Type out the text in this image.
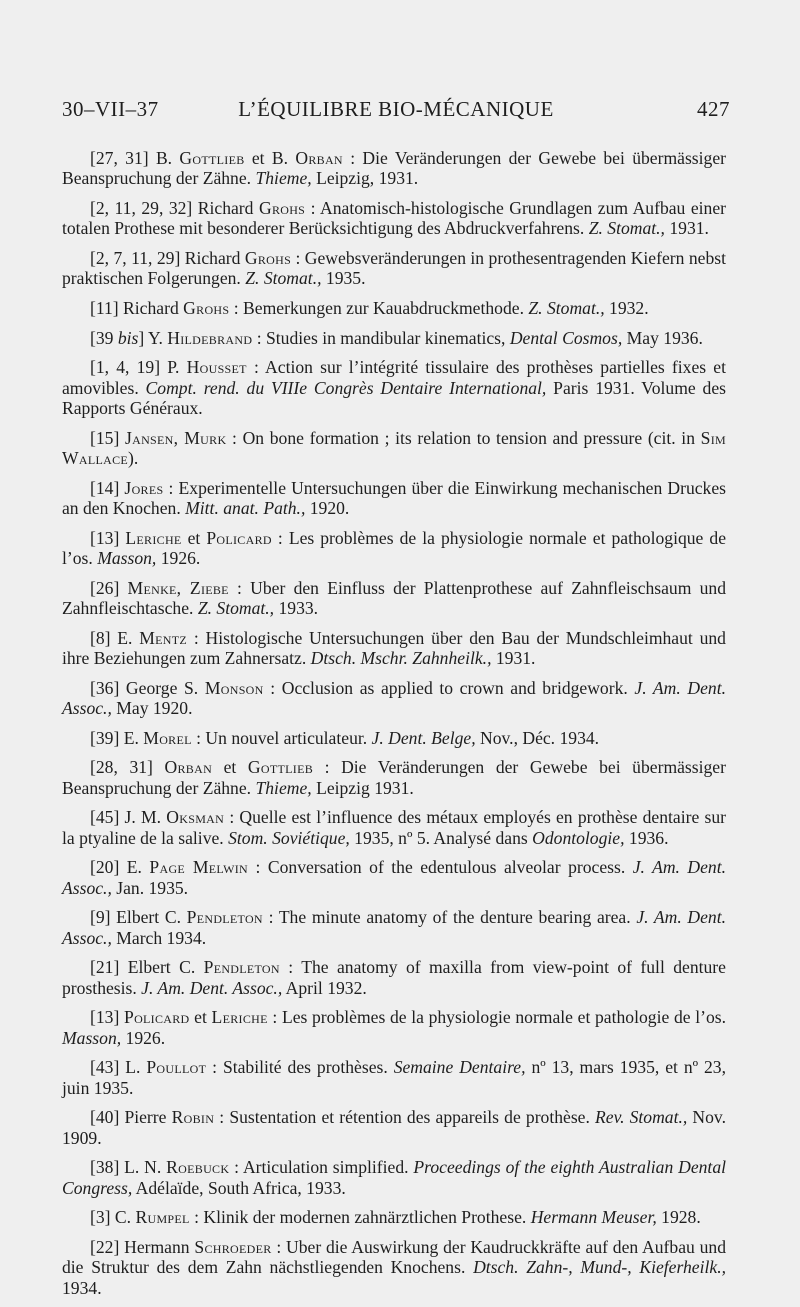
30–VII–37	L’ÉQUILIBRE BIO-MÉCANIQUE	427

[27, 31] B. Gottlieb et B. Orban : Die Veränderungen der Gewebe bei übermässiger Beanspruchung der Zähne. Thieme, Leipzig, 1931.

[2, 11, 29, 32] Richard Grohs : Anatomisch-histologische Grundlagen zum Aufbau einer totalen Prothese mit besonderer Berücksichtigung des Abdruckverfahrens. Z. Stomat., 1931.

[2, 7, 11, 29] Richard Grohs : Gewebsveränderungen in prothesentragenden Kiefern nebst praktischen Folgerungen. Z. Stomat., 1935.

[11] Richard Grohs : Bemerkungen zur Kauabdruckmethode. Z. Stomat., 1932.

[39 bis] Y. Hildebrand : Studies in mandibular kinematics, Dental Cosmos, May 1936.

[1, 4, 19] P. Housset : Action sur l’intégrité tissulaire des prothèses partielles fixes et amovibles. Compt. rend. du VIIIe Congrès Dentaire International, Paris 1931. Volume des Rapports Généraux.

[15] Jansen, Murk : On bone formation ; its relation to tension and pressure (cit. in Sim Wallace).

[14] Jores : Experimentelle Untersuchungen über die Einwirkung mechanischen Druckes an den Knochen. Mitt. anat. Path., 1920.

[13] Leriche et Policard : Les problèmes de la physiologie normale et pathologique de l’os. Masson, 1926.

[26] Menke, Ziebe : Uber den Einfluss der Plattenprothese auf Zahnfleischsaum und Zahnfleischtasche. Z. Stomat., 1933.

[8] E. Mentz : Histologische Untersuchungen über den Bau der Mundschleimhaut und ihre Beziehungen zum Zahnersatz. Dtsch. Mschr. Zahnheilk., 1931.

[36] George S. Monson : Occlusion as applied to crown and bridgework. J. Am. Dent. Assoc., May 1920.

[39] E. Morel : Un nouvel articulateur. J. Dent. Belge, Nov., Déc. 1934.

[28, 31] Orban et Gottlieb : Die Veränderungen der Gewebe bei übermässiger Beanspruchung der Zähne. Thieme, Leipzig 1931.

[45] J. M. Oksman : Quelle est l’influence des métaux employés en prothèse dentaire sur la ptyaline de la salive. Stom. Soviétique, 1935, nº 5. Analysé dans Odontologie, 1936.

[20] E. Page Melwin : Conversation of the edentulous alveolar process. J. Am. Dent. Assoc., Jan. 1935.

[9] Elbert C. Pendleton : The minute anatomy of the denture bearing area. J. Am. Dent. Assoc., March 1934.

[21] Elbert C. Pendleton : The anatomy of maxilla from view-point of full denture prosthesis. J. Am. Dent. Assoc., April 1932.

[13] Policard et Leriche : Les problèmes de la physiologie normale et pathologie de l’os. Masson, 1926.

[43] L. Poullot : Stabilité des prothèses. Semaine Dentaire, nº 13, mars 1935, et nº 23, juin 1935.

[40] Pierre Robin : Sustentation et rétention des appareils de prothèse. Rev. Stomat., Nov. 1909.

[38] L. N. Roebuck : Articulation simplified. Proceedings of the eighth Australian Dental Congress, Adélaïde, South Africa, 1933.

[3] C. Rumpel : Klinik der modernen zahnärztlichen Prothese. Hermann Meuser, 1928.

[22] Hermann Schroeder : Uber die Auswirkung der Kaudruckkräfte auf den Aufbau und die Struktur des dem Zahn nächstliegenden Knochens. Dtsch. Zahn-, Mund-, Kieferheilk., 1934.
